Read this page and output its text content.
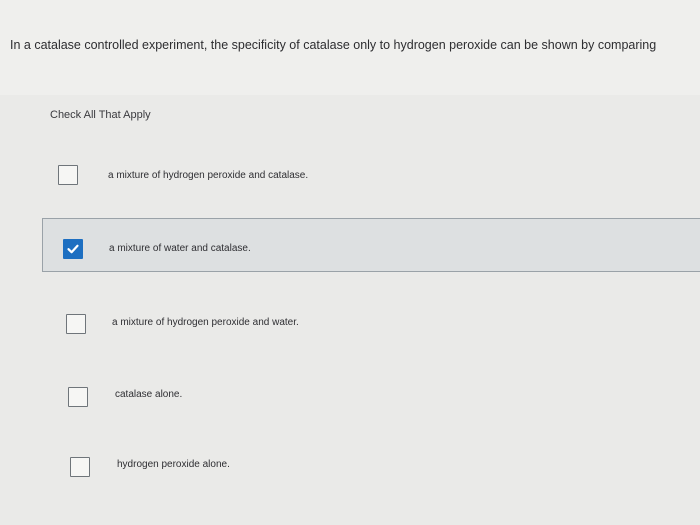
In a catalase controlled experiment, the specificity of catalase only to hydrogen peroxide can be shown by comparing
Check All That Apply
a mixture of hydrogen peroxide and catalase.
a mixture of water and catalase.
a mixture of hydrogen peroxide and water.
catalase alone.
hydrogen peroxide alone.
